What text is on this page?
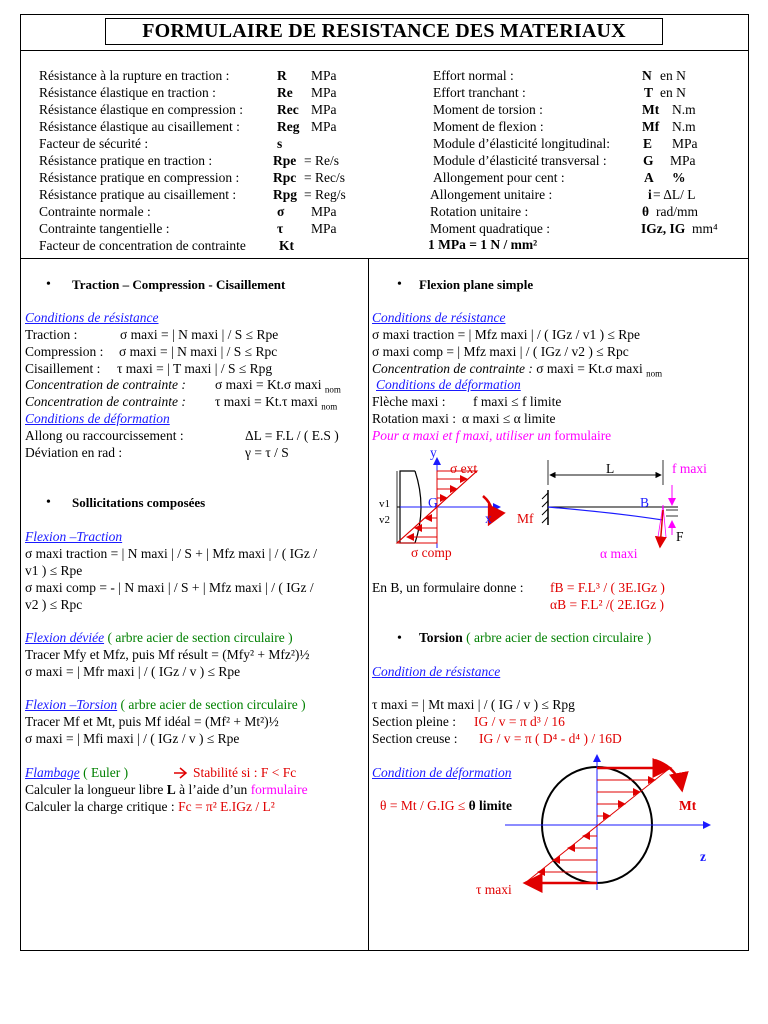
FORMULAIRE DE RESISTANCE DES MATERIAUX
Résistance à la rupture en traction :	R MPa
Résistance élastique en traction :	Re MPa
Résistance élastique en compression :	Rec MPa
Résistance élastique au cisaillement :	Reg MPa
Facteur de sécurité :	s
Résistance pratique en traction :	Rpe = Re/s
Résistance pratique en compression :	Rpc = Rec/s
Résistance pratique au cisaillement :	Rpg = Reg/s
Contrainte normale :	σ MPa
Contrainte tangentielle :	τ MPa
Facteur de concentration de contrainte Kt
Effort normal :	N en N
Effort tranchant :	T en N
Moment de torsion :	Mt N.m
Moment de flexion :	Mf N.m
Module d’élasticité longitudinal: E MPa
Module d’élasticité transversal :	G MPa
Allongement pour cent :	A %
Allongement unitaire :	i = ΔL/ L
Rotation unitaire :	θ rad/mm
Moment quadratique :	IGz, IG mm⁴
1 MPa = 1 N / mm²
• Traction – Compression - Cisaillement
Conditions de résistance
Traction :	σ maxi = | N maxi | / S ≤ Rpe
Compression : σ maxi = | N maxi | / S ≤ Rpc
Cisaillement : τ maxi = | T maxi | / S ≤ Rpg
Concentration de contrainte : σ maxi = Kt.σ maxi $_{nom}$
Concentration de contrainte : τ maxi = Kt.τ maxi $_{nom}$
Conditions de déformation
Allong ou raccourcissement :	ΔL = F.L / ( E.S )
Déviation en rad :	γ = τ / S
• Sollicitations composées
Flexion –Traction
σ maxi traction = | N maxi | / S + | Mfz maxi | / ( IGz /
v1 ) ≤ Rpe
σ maxi comp = - | N maxi | / S + | Mfz maxi | / ( IGz /
v2 ) ≤ Rpc
Flexion déviée ( arbre acier de section circulaire )
Tracer Mfy et Mfz, puis Mf résult = (Mfy² + Mfz²)½
σ maxi = | Mfr maxi | / ( IGz / v ) ≤ Rpe
Flexion –Torsion ( arbre acier de section circulaire )
Tracer Mf et Mt, puis Mf idéal = (Mf² + Mt²)½
σ maxi = | Mfi maxi | / ( IGz / v ) ≤ Rpe
Flambage ( Euler )	Stabilité si : F < Fc
Calculer la longueur libre L à l’aide d’un formulaire
Calculer la charge critique : Fc = π² E.IGz / L²
• Flexion plane simple
Conditions de résistance
σ maxi traction = | Mfz maxi | / ( IGz / v1 ) ≤ Rpe
σ maxi comp = | Mfz maxi | / ( IGz / v2 ) ≤ Rpc
Concentration de contrainte : σ maxi = Kt.σ maxi $_{nom}$
Conditions de déformation
Flèche maxi : f maxi ≤ f limite
Rotation maxi : α maxi ≤ α limite
Pour α maxi et f maxi, utiliser un formulaire
y
σ ext
v1
v2
G
x Mf
σ comp
L	f maxi
B
F
α maxi
En B, un formulaire donne : fB = F.L³ / ( 3E.IGz )
αB = F.L² /( 2E.IGz )
• Torsion ( arbre acier de section circulaire )
Condition de résistance
τ maxi = | Mt maxi | / ( IG / v ) ≤ Rpg
Section pleine : IG / v = π d³ / 16
Section creuse : IG / v = π ( D⁴ - d⁴ ) / 16D
Condition de déformation
θ = Mt / G.IG ≤ θ limite	Mt
z
τ maxi
